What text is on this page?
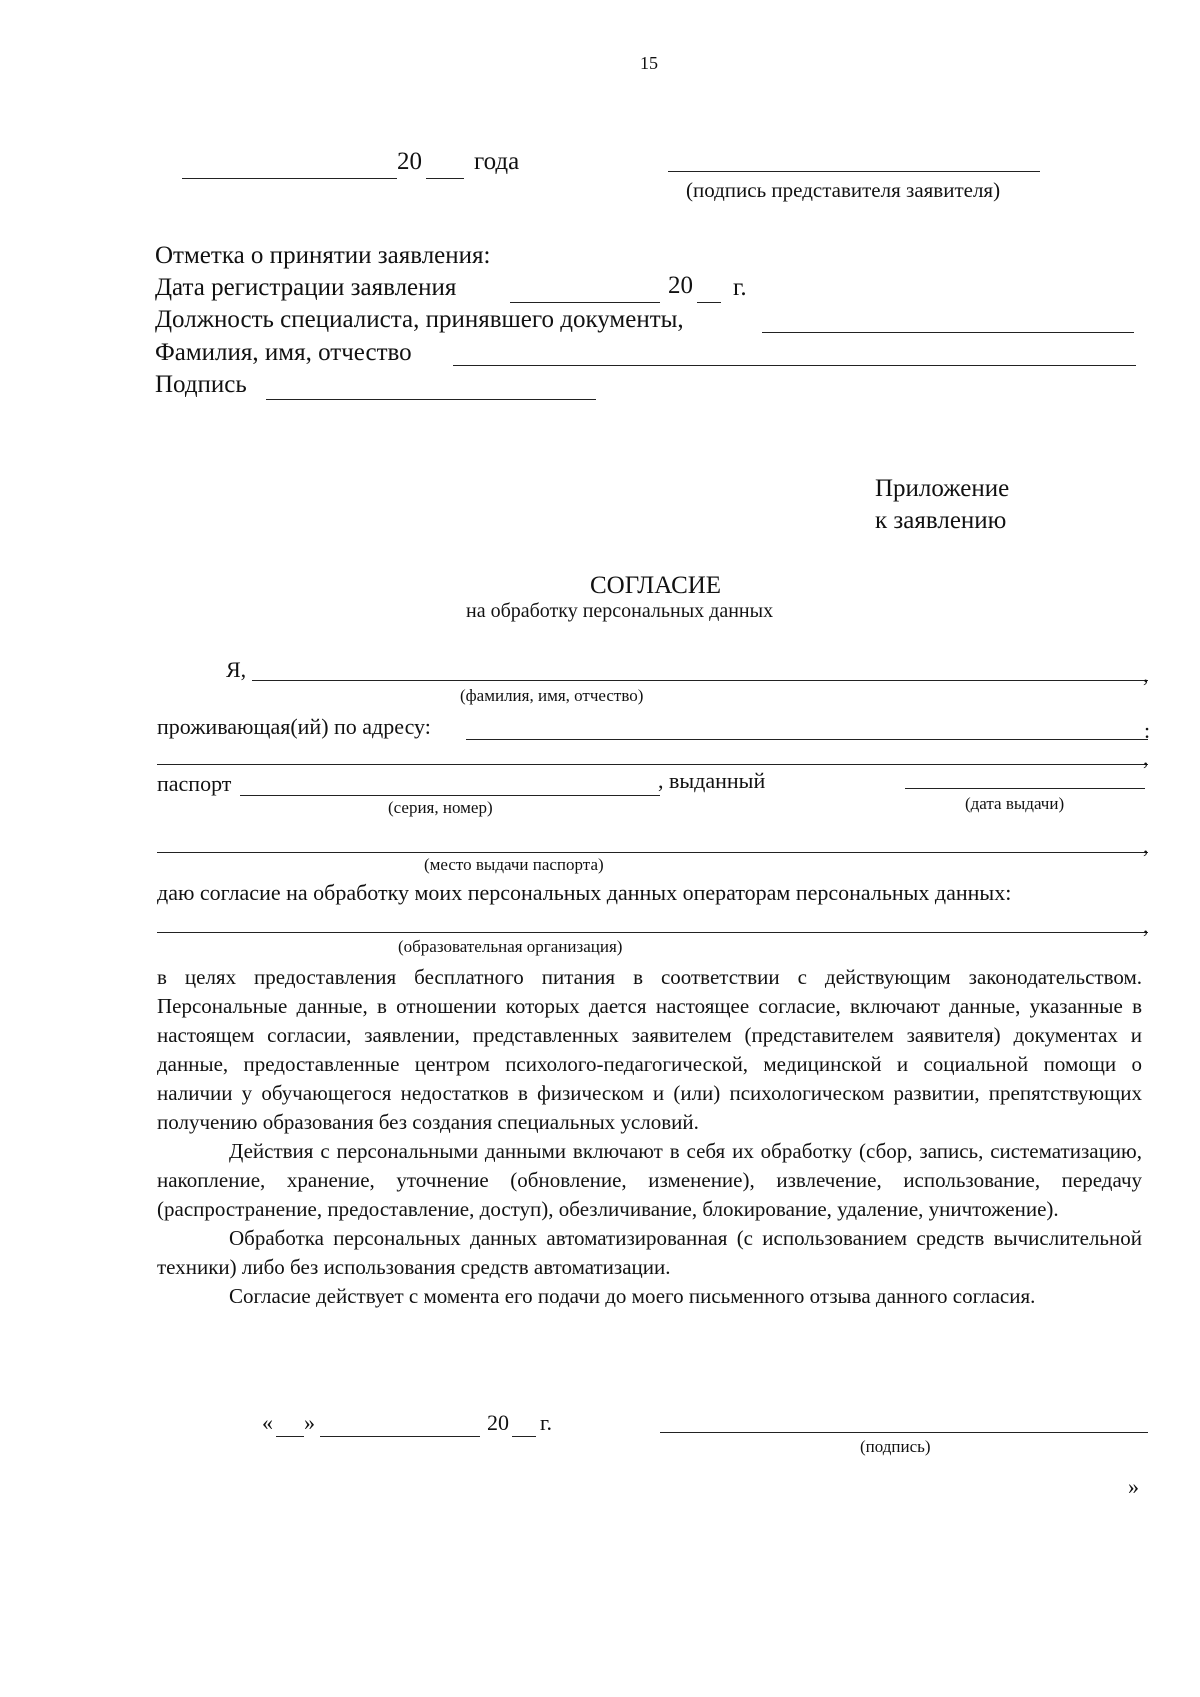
15
20 года
(подпись представителя заявителя)
Отметка о принятии заявления:
Дата регистрации заявления	20 г.
Должность специалиста, принявшего документы,
Фамилия, имя, отчество
Подпись
Приложение
к заявлению
СОГЛАСИЕ
на обработку персональных данных
Я,	,
(фамилия, имя, отчество)
проживающая(ий) по адресу:	:
,
паспорт	, выданный
(серия, номер)	(дата выдачи)
,
(место выдачи паспорта)
даю согласие на обработку моих персональных данных операторам персональных данных:
,
(образовательная организация)

в целях предоставления бесплатного питания в соответствии с действующим законодательством. Персональные данные, в отношении которых дается настоящее согласие, включают данные, указанные в настоящем согласии, заявлении, представленных заявителем (представителем заявителя) документах и данные, предоставленные центром психолого-педагогической, медицинской и социальной помощи о наличии у обучающегося недостатков в физическом и (или) психологическом развитии, препятствующих получению образования без создания специальных условий.

Действия с персональными данными включают в себя их обработку (сбор, запись, систематизацию, накопление, хранение, уточнение (обновление, изменение), извлечение, использование, передачу (распространение, предоставление, доступ), обезличивание, блокирование, удаление, уничтожение).

Обработка персональных данных автоматизированная (с использованием средств вычислительной техники) либо без использования средств автоматизации.

Согласие действует с момента его подачи до моего письменного отзыва данного согласия.

« »	20 г.
(подпись)
»
